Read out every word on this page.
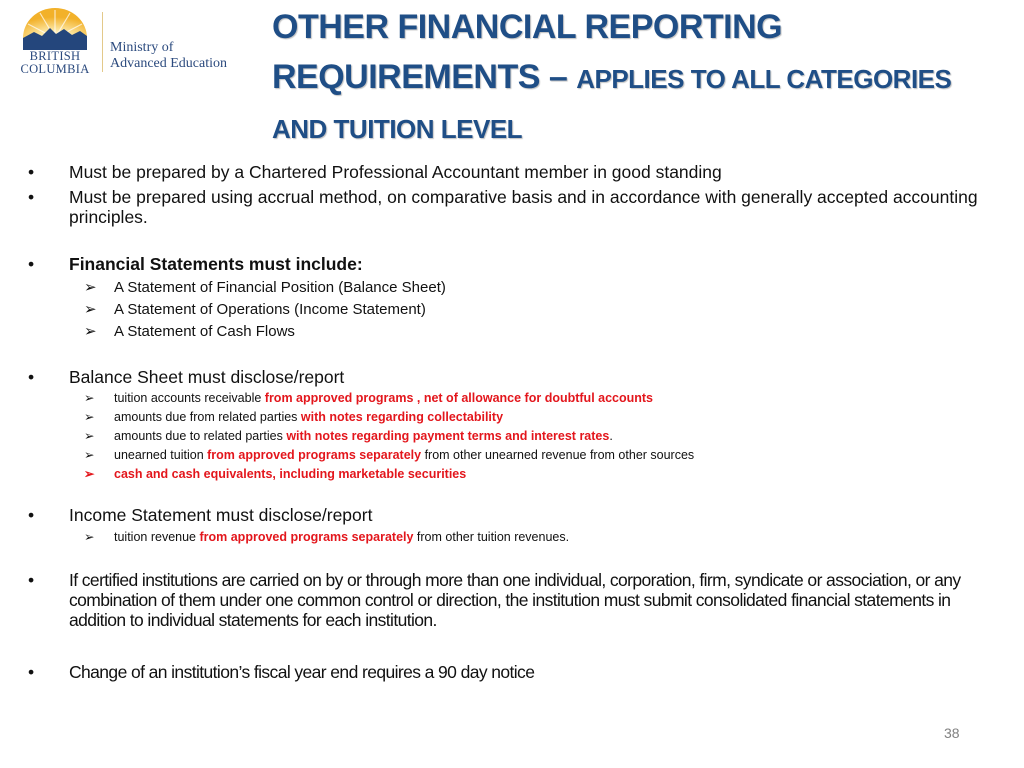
BRITISH
COLUMBIA
Ministry of
Advanced Education
OTHER FINANCIAL REPORTING
REQUIREMENTS – APPLIES TO ALL CATEGORIES
AND TUITION LEVEL
• Must be prepared by a Chartered Professional Accountant member in good standing
• Must be prepared using accrual method, on comparative basis and in accordance with generally accepted accounting principles.
• Financial Statements must include:
➢ A Statement of Financial Position (Balance Sheet)
➢ A Statement of Operations (Income Statement)
➢ A Statement of Cash Flows
• Balance Sheet must disclose/report
➢ tuition accounts receivable from approved programs , net of allowance for doubtful accounts
➢ amounts due from related parties with notes regarding collectability
➢ amounts due to related parties with notes regarding payment terms and interest rates.
➢ unearned tuition from approved programs separately from other unearned revenue from other sources
➢ cash and cash equivalents, including marketable securities
• Income Statement must disclose/report
➢ tuition revenue from approved programs separately from other tuition revenues.
• If certified institutions are carried on by or through more than one individual, corporation, firm, syndicate or association, or any combination of them under one common control or direction, the institution must submit consolidated financial statements in addition to individual statements for each institution.
• Change of an institution’s fiscal year end requires a 90 day notice
38
